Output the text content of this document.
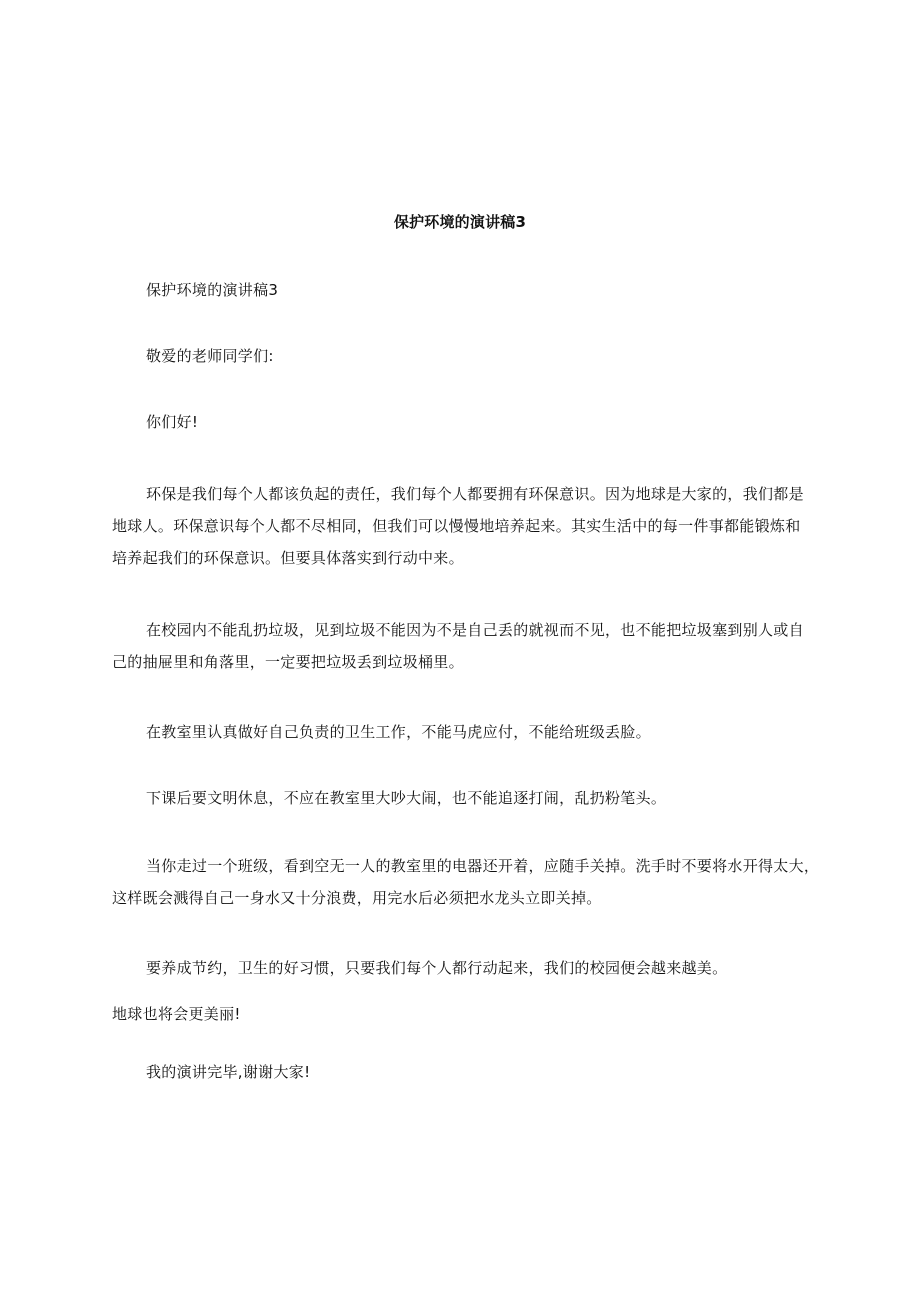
保护环境的演讲稿3
保护环境的演讲稿3
敬爱的老师同学们:
你们好!
环保是我们每个人都该负起的责任，我们每个人都要拥有环保意识。因为地球是大家的，我们都是
地球人。环保意识每个人都不尽相同，但我们可以慢慢地培养起来。其实生活中的每一件事都能锻炼和
培养起我们的环保意识。但要具体落实到行动中来。
在校园内不能乱扔垃圾，见到垃圾不能因为不是自己丢的就视而不见，也不能把垃圾塞到别人或自
己的抽屉里和角落里，一定要把垃圾丢到垃圾桶里。
在教室里认真做好自己负责的卫生工作，不能马虎应付，不能给班级丢脸。
下课后要文明休息，不应在教室里大吵大闹，也不能追逐打闹，乱扔粉笔头。
当你走过一个班级，看到空无一人的教室里的电器还开着，应随手关掉。洗手时不要将水开得太大，
这样既会溅得自己一身水又十分浪费，用完水后必须把水龙头立即关掉。
要养成节约，卫生的好习惯，只要我们每个人都行动起来，我们的校园便会越来越美。
地球也将会更美丽!
我的演讲完毕,谢谢大家!
